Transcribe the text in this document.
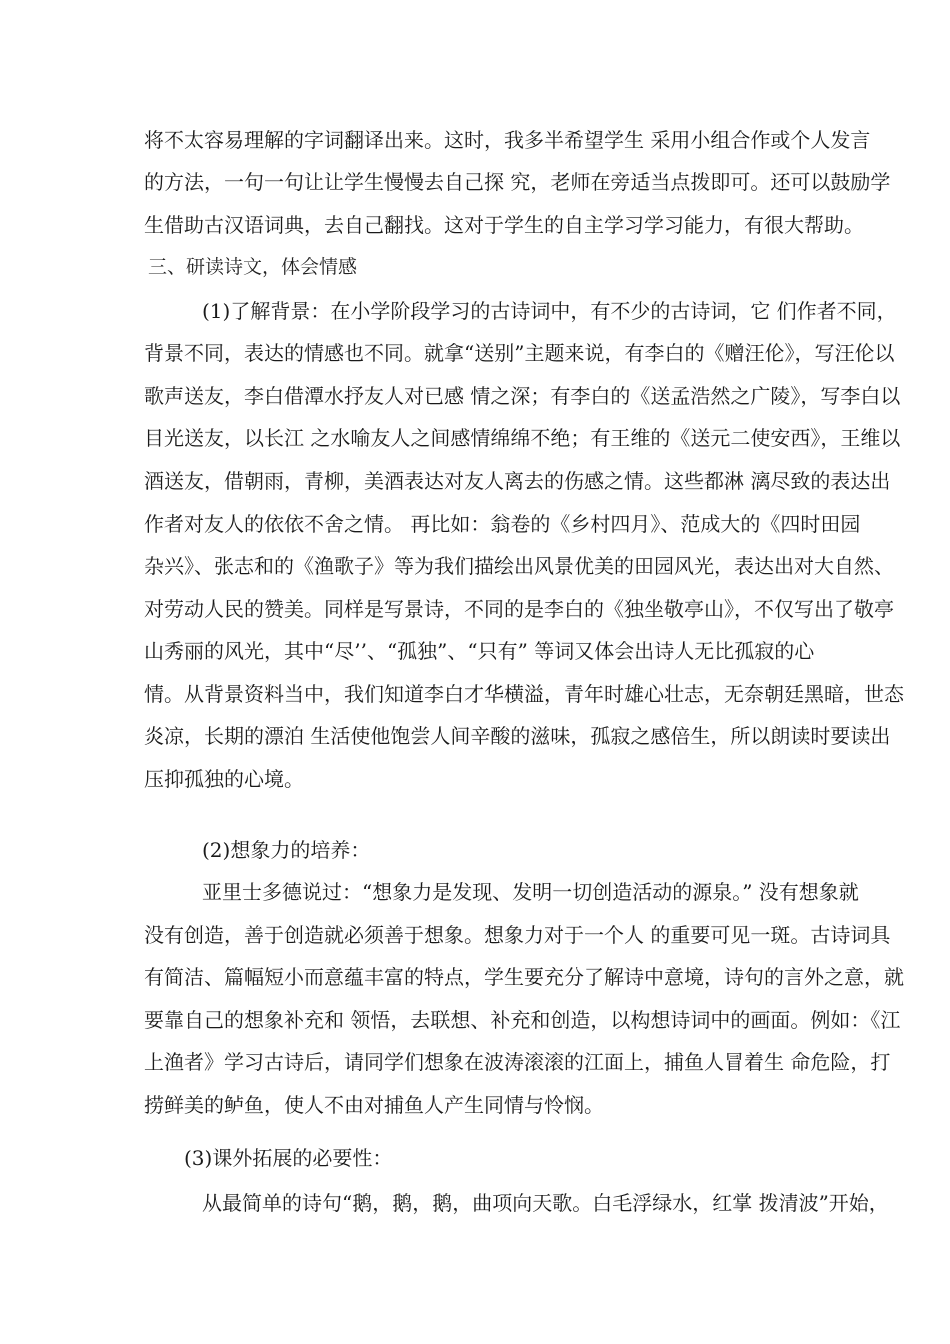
将不太容易理解的字词翻译出来。这时，我多半希望学生 采用小组合作或个人发言
的方法，一句一句让让学生慢慢去自己探 究，老师在旁适当点拨即可。还可以鼓励学
生借助古汉语词典，去自己翻找。这对于学生的自主学习学习能力，有很大帮助。
三、研读诗文，体会情感
(1)了解背景：在小学阶段学习的古诗词中，有不少的古诗词，它 们作者不同，
背景不同，表达的情感也不同。就拿“送别”主题来说，有李白的《赠汪伦》，写汪伦以
歌声送友，李白借潭水抒友人对已感 情之深；有李白的《送孟浩然之广陵》，写李白以
目光送友，以长江 之水喻友人之间感情绵绵不绝；有王维的《送元二使安西》，王维以
酒送友，借朝雨，青柳，美酒表达对友人离去的伤感之情。这些都淋 漓尽致的表达出
作者对友人的依依不舍之情。 再比如：翁卷的《乡村四月》、范成大的《四时田园
杂兴》、张志和的《渔歌子》等为我们描绘出风景优美的田园风光，表达出对大自然、
对劳动人民的赞美。同样是写景诗，不同的是李白的《独坐敬亭山》，不仅写出了敬亭
山秀丽的风光，其中“尽’’、“孤独”、“只有” 等词又体会出诗人无比孤寂的心
情。从背景资料当中，我们知道李白才华横溢，青年时雄心壮志，无奈朝廷黑暗，世态
炎凉，长期的漂泊 生活使他饱尝人间辛酸的滋味，孤寂之感倍生，所以朗读时要读出
压抑孤独的心境。
(2)想象力的培养：
亚里士多德说过：“想象力是发现、发明一切创造活动的源泉。” 没有想象就
没有创造，善于创造就必须善于想象。想象力对于一个人 的重要可见一斑。古诗词具
有简洁、篇幅短小而意蕴丰富的特点，学生要充分了解诗中意境，诗句的言外之意，就
要靠自己的想象补充和 领悟，去联想、补充和创造，以构想诗词中的画面。例如：《江
上渔者》学习古诗后，请同学们想象在波涛滚滚的江面上，捕鱼人冒着生 命危险，打
捞鲜美的鲈鱼，使人不由对捕鱼人产生同情与怜悯。
(3)课外拓展的必要性：
从最简单的诗句“鹅，鹅，鹅，曲项向天歌。白毛浮绿水，红掌 拨清波”开始，
